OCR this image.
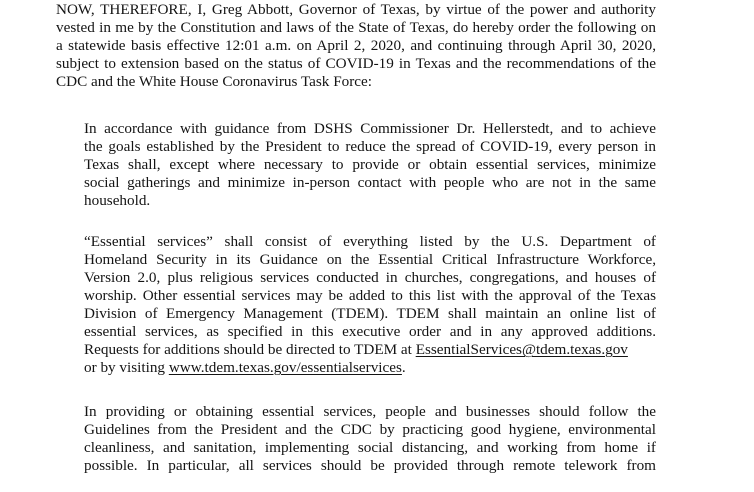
NOW, THEREFORE, I, Greg Abbott, Governor of Texas, by virtue of the power and authority
vested in me by the Constitution and laws of the State of Texas, do hereby order the following on
a statewide basis effective 12:01 a.m. on April 2, 2020, and continuing through April 30, 2020,
subject to extension based on the status of COVID-19 in Texas and the recommendations of the
CDC and the White House Coronavirus Task Force:
In accordance with guidance from DSHS Commissioner Dr. Hellerstedt, and to achieve
the goals established by the President to reduce the spread of COVID-19, every person in
Texas shall, except where necessary to provide or obtain essential services, minimize
social gatherings and minimize in-person contact with people who are not in the same
household.
“Essential services” shall consist of everything listed by the U.S. Department of
Homeland Security in its Guidance on the Essential Critical Infrastructure Workforce,
Version 2.0, plus religious services conducted in churches, congregations, and houses of
worship. Other essential services may be added to this list with the approval of the Texas
Division of Emergency Management (TDEM). TDEM shall maintain an online list of
essential services, as specified in this executive order and in any approved additions.
Requests for additions should be directed to TDEM at EssentialServices@tdem.texas.gov
or by visiting www.tdem.texas.gov/essentialservices.
In providing or obtaining essential services, people and businesses should follow the
Guidelines from the President and the CDC by practicing good hygiene, environmental
cleanliness, and sanitation, implementing social distancing, and working from home if
possible. In particular, all services should be provided through remote telework from
